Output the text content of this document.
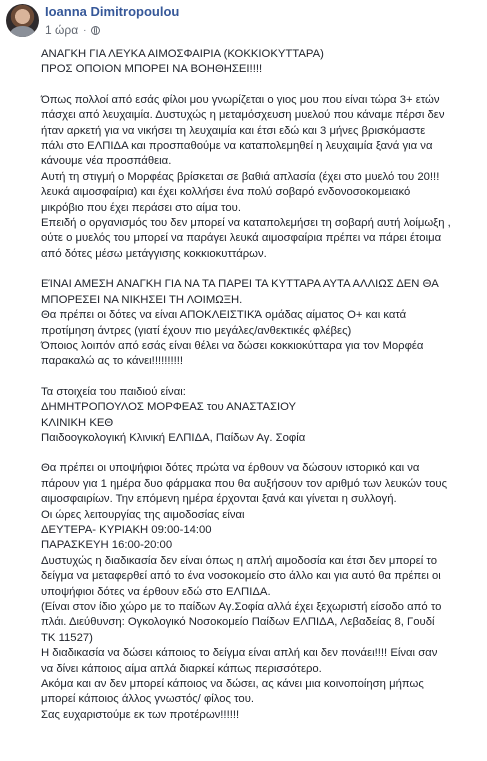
Ioanna Dimitropoulou
1 ώρα ·

ΑΝΑΓΚΗ ΓΙΑ ΛΕΥΚΑ ΑΙΜΟΣΦΑΙΡΙΑ (ΚΟΚΚΙΟΚΥΤΤΑΡΑ)

ΠΡΟΣ ΟΠΟΙΟΝ ΜΠΟΡΕΙ ΝΑ ΒΟΗΘΗΣΕΙ!!!!

Όπως πολλοί από εσάς φίλοι μου γνωρίζεται ο γιος μου που είναι τώρα 3+ ετών

πάσχει από λευχαιμία. Δυστυχώς η μεταμόσχευση μυελού που κάναμε πέρσι δεν

ήταν αρκετή για να νικήσει τη λευχαιμία και έτσι εδώ και 3 μήνες βρισκόμαστε

πάλι στο ΕΛΠΙΔΑ και προσπαθούμε να καταπολεμηθεί η λευχαιμία ξανά για να

κάνουμε νέα προσπάθεια.

Αυτή τη στιγμή ο Μορφέας βρίσκεται σε βαθιά απλασία (έχει στο μυελό του 20!!!

λευκά αιμοσφαίρια) και έχει κολλήσει ένα πολύ σοβαρό ενδονοσοκομειακό

μικρόβιο που έχει περάσει στο αίμα του.

Επειδή ο οργανισμός του δεν μπορεί να καταπολεμήσει τη σοβαρή αυτή λοίμωξη ,

ούτε ο μυελός του μπορεί να παράγει λευκά αιμοσφαίρια πρέπει να πάρει έτοιμα

από δότες μέσω μετάγγισης κοκκιοκυττάρων.

ΕΊΝΑΙ ΑΜΕΣΗ ΑΝΑΓΚΗ ΓΙΑ ΝΑ ΤΑ ΠΑΡΕΙ ΤΑ ΚΥΤΤΑΡΑ ΑΥΤΑ ΑΛΛΙΩΣ ΔΕΝ ΘΑ

ΜΠΟΡΕΣΕΙ ΝΑ ΝΙΚΗΣΕΙ ΤΗ ΛΟΙΜΩΞΗ.

Θα πρέπει οι δότες να είναι ΑΠΟΚΛΕΙΣΤΙΚΆ ομάδας αίματος Ο+ και κατά

προτίμηση άντρες (γιατί έχουν πιο μεγάλες/ανθεκτικές φλέβες)

Όποιος λοιπόν από εσάς είναι θέλει να δώσει κοκκιοκύτταρα για τον Μορφέα

παρακαλώ ας το κάνει!!!!!!!!!!

Τα στοιχεία του παιδιού είναι:

ΔΗΜΗΤΡΟΠΟΥΛΟΣ ΜΟΡΦΕΑΣ του ΑΝΑΣΤΑΣΙΟΥ

ΚΛΙΝΙΚΗ ΚΕΘ

Παιδοογκολογική Κλινική ΕΛΠΙΔΑ, Παίδων Αγ. Σοφία

Θα πρέπει οι υποψήφιοι δότες πρώτα να έρθουν να δώσουν ιστορικό και να

πάρουν για 1 ημέρα δυο φάρμακα που θα αυξήσουν τον αριθμό των λευκών τους

αιμοσφαιρίων. Την επόμενη ημέρα έρχονται ξανά και γίνεται η συλλογή.

Οι ώρες λειτουργίας της αιμοδοσίας είναι

ΔΕΥΤΕΡΑ- ΚΥΡΙΑΚΗ 09:00-14:00

ΠΑΡΑΣΚΕΥΗ 16:00-20:00

Δυστυχώς η διαδικασία δεν είναι όπως η απλή αιμοδοσία και έτσι δεν μπορεί το

δείγμα να μεταφερθεί από το ένα νοσοκομείο στο άλλο και για αυτό θα πρέπει οι

υποψήφιοι δότες να έρθουν εδώ στο ΕΛΠΙΔΑ.

(Είναι στον ίδιο χώρο με το παίδων Αγ.Σοφία αλλά έχει ξεχωριστή είσοδο από το

πλάι. Διεύθυνση: Ογκολογικό Νοσοκομείο Παίδων ΕΛΠΙΔΑ, Λεβαδείας 8, Γουδί

ΤΚ 11527)

Η διαδικασία να δώσει κάποιος το δείγμα είναι απλή και δεν πονάει!!!! Είναι σαν

να δίνει κάποιος αίμα απλά διαρκεί κάπως περισσότερο.

Ακόμα και αν δεν μπορεί κάποιος να δώσει, ας κάνει μια κοινοποίηση μήπως

μπορεί κάποιος άλλος γνωστός/ φίλος του.

Σας ευχαριστούμε εκ των προτέρων!!!!!!
